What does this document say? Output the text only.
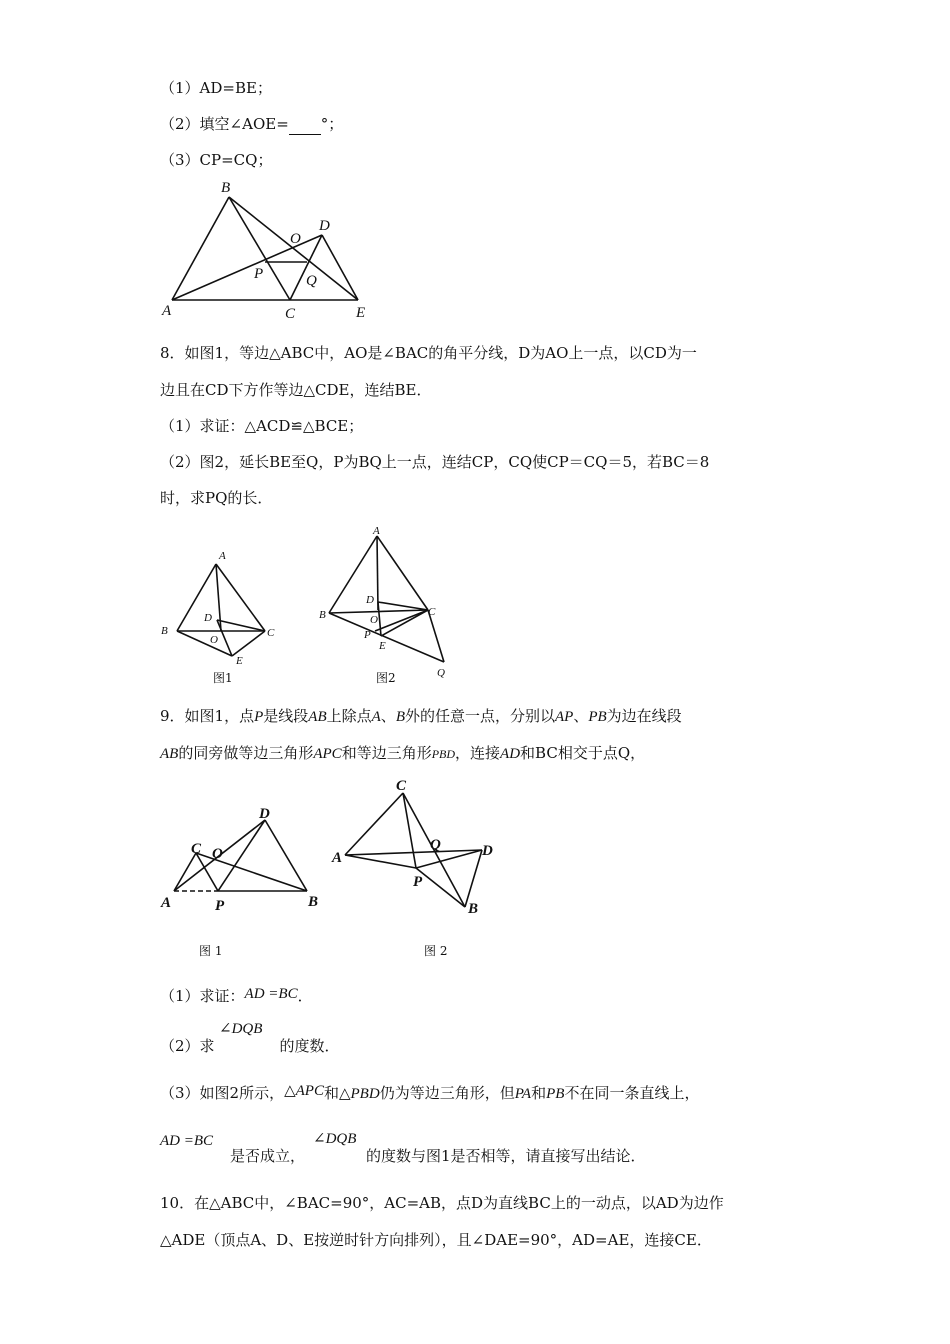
（1）AD=BE；
（2）填空∠AOE= °；
（3）CP=CQ；
B
D
O
P	Q
A	C	E
8．如图1，等边△ABC中，AO是∠BAC的角平分线，D为AO上一点，以CD为一
边且在CD下方作等边△CDE，连结BE．
（1）求证：△ACD≌△BCE；
（2）图2，延长BE至Q，P为BQ上一点，连结CP，CQ使CP＝CQ＝5，若BC＝8
时，求PQ的长．
A
D
B	C
O
E
图1
A
D
B	C
O
P
E
Q
图2
9．如图1，点P是线段AB上除点A、B外的任意一点，分别以AP、PB为边在线段
AB的同旁做等边三角形APC和等边三角形PBD，连接AD和BC相交于点Q，
C O
D
A	P	B
图 1
C
A
Q	D
P
B
图 2
（1）求证：AD =BC．
∠DQB
（2）求	的度数．
（3）如图2所示，△APC和△PBD仍为等边三角形，但PA和PB不在同一条直线上，
AD =BC	∠DQB
是否成立，	的度数与图1是否相等，请直接写出结论．
10．在△ABC中，∠BAC=90°，AC=AB，点D为直线BC上的一动点，以AD为边作
△ADE（顶点A、D、E按逆时针方向排列），且∠DAE=90°，AD=AE，连接CE．
